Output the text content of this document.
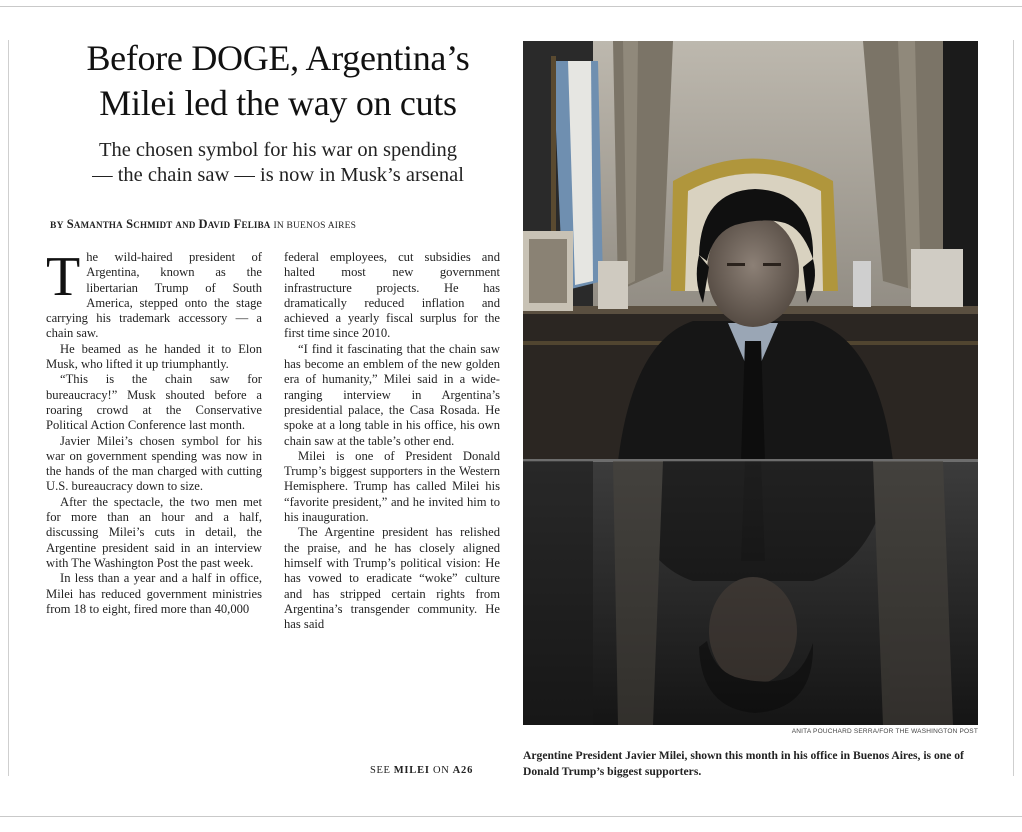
Before DOGE, Argentina’s
Milei led the way on cuts
The chosen symbol for his war on spending
— the chain saw — is now in Musk’s arsenal
BY Samantha Schmidt and David Feliba IN BUENOS AIRES

The wild-haired president of Argentina, known as the libertarian Trump of South America, stepped onto the stage carrying his trademark accessory — a chain saw.

He beamed as he handed it to Elon Musk, who lifted it up triumphantly.

“This is the chain saw for bureaucracy!” Musk shouted before a roaring crowd at the Conservative Political Action Conference last month.

Javier Milei’s chosen symbol for his war on government spending was now in the hands of the man charged with cutting U.S. bureaucracy down to size.

After the spectacle, the two men met for more than an hour and a half, discussing Milei’s cuts in detail, the Argentine president said in an interview with The Washington Post the past week.

In less than a year and a half in office, Milei has reduced government ministries from 18 to eight, fired more than 40,000

federal employees, cut subsidies and halted most new government infrastructure projects. He has dramatically reduced inflation and achieved a yearly fiscal surplus for the first time since 2010.

“I find it fascinating that the chain saw has become an emblem of the new golden era of humanity,” Milei said in a wide-ranging interview in Argentina’s presidential palace, the Casa Rosada. He spoke at a long table in his office, his own chain saw at the table’s other end.

Milei is one of President Donald Trump’s biggest supporters in the Western Hemisphere. Trump has called Milei his “favorite president,” and he invited him to his inauguration.

The Argentine president has relished the praise, and he has closely aligned himself with Trump’s political vision: He has vowed to eradicate “woke” culture and has stripped certain rights from Argentina’s transgender community. He has said

SEE MILEI ON A26
ANITA POUCHARD SERRA/FOR THE WASHINGTON POST
Argentine President Javier Milei, shown this month in his office in Buenos Aires, is one of Donald Trump’s biggest supporters.
